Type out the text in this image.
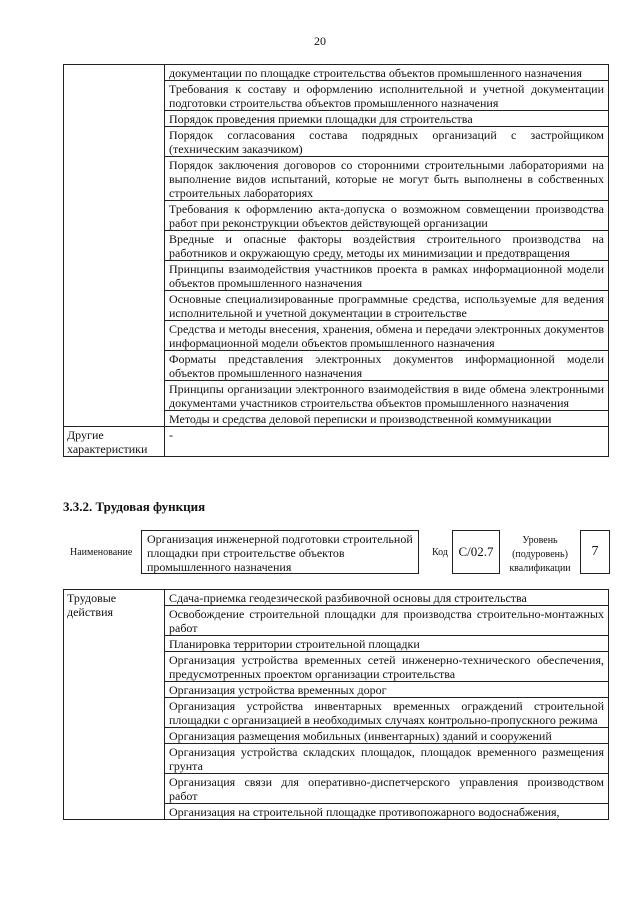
20
	документации по площадке строительства объектов промышленного назначения
	Требования к составу и оформлению исполнительной и учетной документации подготовки строительства объектов промышленного назначения
	Порядок проведения приемки площадки для строительства
	Порядок согласования состава подрядных организаций с застройщиком (техническим заказчиком)
	Порядок заключения договоров со сторонними строительными лабораториями на выполнение видов испытаний, которые не могут быть выполнены в собственных строительных лабораториях
	Требования к оформлению акта-допуска о возможном совмещении производства работ при реконструкции объектов действующей организации
	Вредные и опасные факторы воздействия строительного производства на работников и окружающую среду, методы их минимизации и предотвращения
	Принципы взаимодействия участников проекта в рамках информационной модели объектов промышленного назначения
	Основные специализированные программные средства, используемые для ведения исполнительной и учетной документации в строительстве
	Средства и методы внесения, хранения, обмена и передачи электронных документов информационной модели объектов промышленного назначения
	Форматы представления электронных документов информационной модели объектов промышленного назначения
	Принципы организации электронного взаимодействия в виде обмена электронными документами участников строительства объектов промышленного назначения
	Методы и средства деловой переписки и производственной коммуникации
Другие характеристики	-
3.3.2. Трудовая функция
Наименование
Организация инженерной подготовки строительной площадки при строительстве объектов промышленного назначения
Код С/02.7
Уровень (подуровень) квалификации
7
Трудовые действия	Сдача-приемка геодезической разбивочной основы для строительства
Освобождение строительной площадки для производства строительно-монтажных работ
Планировка территории строительной площадки
Организация устройства временных сетей инженерно-технического обеспечения, предусмотренных проектом организации строительства
Организация устройства временных дорог
Организация устройства инвентарных временных ограждений строительной площадки с организацией в необходимых случаях контрольно-пропускного режима
Организация размещения мобильных (инвентарных) зданий и сооружений
Организация устройства складских площадок, площадок временного размещения грунта
Организация связи для оперативно-диспетчерского управления производством работ
Организация на строительной площадке противопожарного водоснабжения,
